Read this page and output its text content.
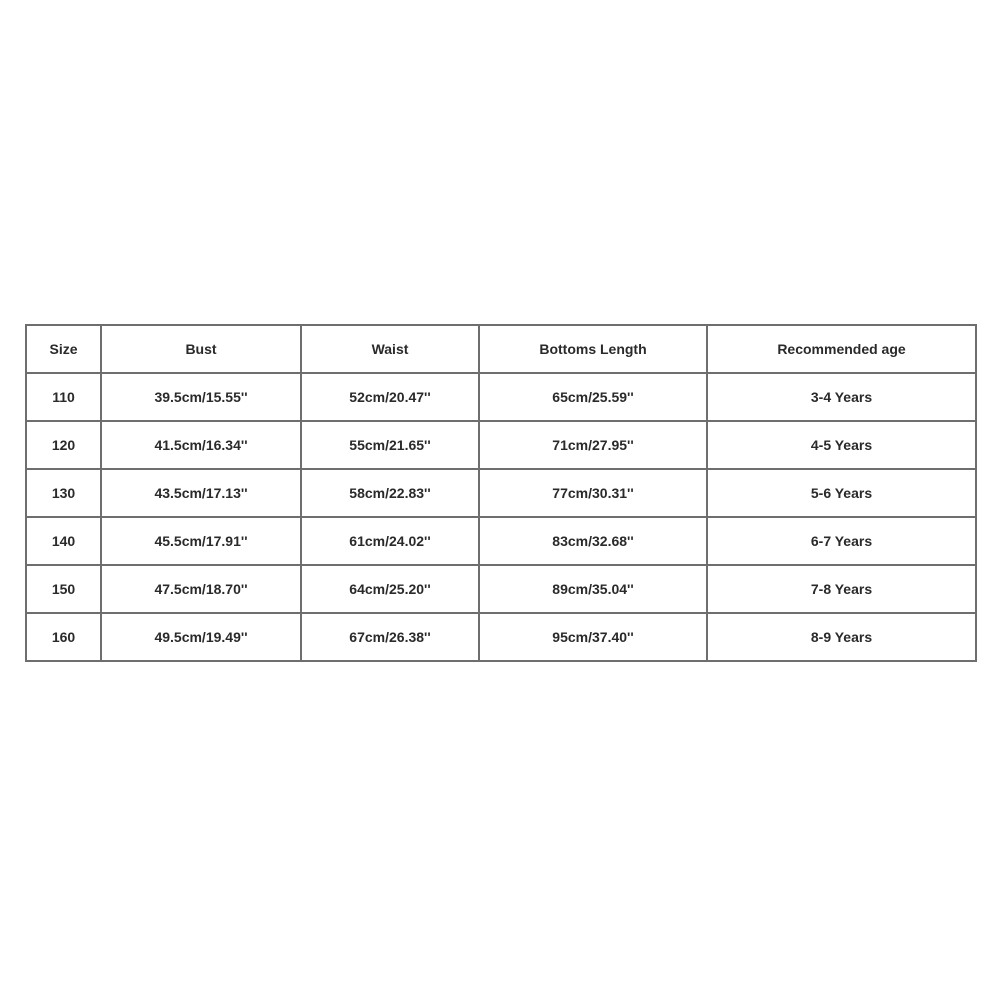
Size	Bust	Waist	Bottoms Length	Recommended age
110	39.5cm/15.55''	52cm/20.47''	65cm/25.59''	3-4 Years
120	41.5cm/16.34''	55cm/21.65''	71cm/27.95''	4-5 Years
130	43.5cm/17.13''	58cm/22.83''	77cm/30.31''	5-6 Years
140	45.5cm/17.91''	61cm/24.02''	83cm/32.68''	6-7 Years
150	47.5cm/18.70''	64cm/25.20''	89cm/35.04''	7-8 Years
160	49.5cm/19.49''	67cm/26.38''	95cm/37.40''	8-9 Years
